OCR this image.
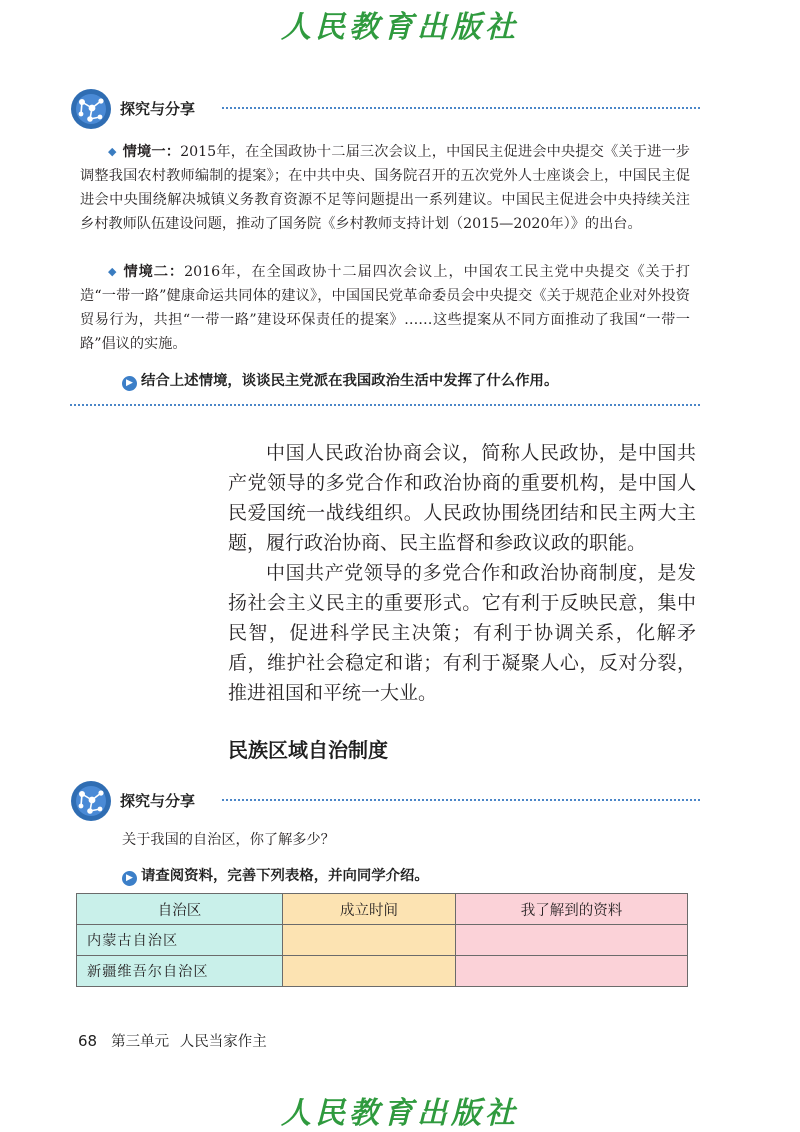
人民教育出版社
探究与分享
◆ 情境一：2015年，在全国政协十二届三次会议上，中国民主促进会中央提交《关于进一步调整我国农村教师编制的提案》；在中共中央、国务院召开的五次党外人士座谈会上，中国民主促进会中央围绕解决城镇义务教育资源不足等问题提出一系列建议。中国民主促进会中央持续关注乡村教师队伍建设问题，推动了国务院《乡村教师支持计划（2015—2020年）》的出台。
◆ 情境二：2016年，在全国政协十二届四次会议上，中国农工民主党中央提交《关于打造“一带一路”健康命运共同体的建议》，中国国民党革命委员会中央提交《关于规范企业对外投资贸易行为，共担“一带一路”建设环保责任的提案》……这些提案从不同方面推动了我国“一带一路”倡议的实施。
▶ 结合上述情境，谈谈民主党派在我国政治生活中发挥了什么作用。

中国人民政治协商会议，简称人民政协，是中国共产党领导的多党合作和政治协商的重要机构，是中国人民爱国统一战线组织。人民政协围绕团结和民主两大主题，履行政治协商、民主监督和参政议政的职能。

中国共产党领导的多党合作和政治协商制度，是发扬社会主义民主的重要形式。它有利于反映民意，集中民智，促进科学民主决策；有利于协调关系，化解矛盾，维护社会稳定和谐；有利于凝聚人心，反对分裂，推进祖国和平统一大业。

民族区域自治制度
探究与分享
关于我国的自治区，你了解多少？
▶ 请查阅资料，完善下列表格，并向同学介绍。
自治区	成立时间	我了解到的资料
内蒙古自治区		
新疆维吾尔自治区		
68 第三单元 人民当家作主
人民教育出版社
